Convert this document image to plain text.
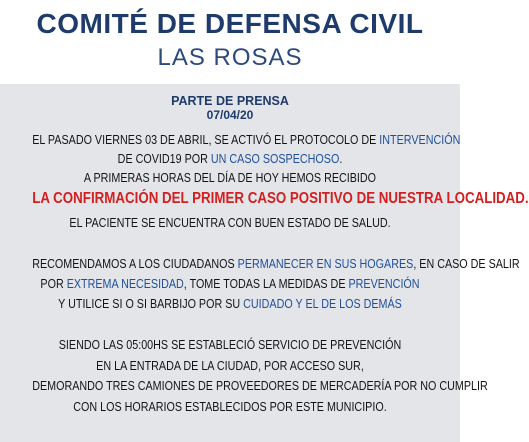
COMITÉ DE DEFENSA CIVIL
LAS ROSAS
PARTE DE PRENSA
07/04/20
EL PASADO VIERNES 03 DE ABRIL, SE ACTIVÓ EL PROTOCOLO DE INTERVENCIÓN
DE COVID19 POR UN CASO SOSPECHOSO.
A PRIMERAS HORAS DEL DÍA DE HOY HEMOS RECIBIDO
LA CONFIRMACIÓN DEL PRIMER CASO POSITIVO DE NUESTRA LOCALIDAD.
EL PACIENTE SE ENCUENTRA CON BUEN ESTADO DE SALUD.
RECOMENDAMOS A LOS CIUDADANOS PERMANECER EN SUS HOGARES, EN CASO DE SALIR
POR EXTREMA NECESIDAD, TOME TODAS LA MEDIDAS DE PREVENCIÓN
Y UTILICE SI O SI BARBIJO POR SU CUIDADO Y EL DE LOS DEMÁS
SIENDO LAS 05:00HS SE ESTABLECIÓ SERVICIO DE PREVENCIÓN
EN LA ENTRADA DE LA CIUDAD, POR ACCESO SUR,
DEMORANDO TRES CAMIONES DE PROVEEDORES DE MERCADERÍA POR NO CUMPLIR
CON LOS HORARIOS ESTABLECIDOS POR ESTE MUNICIPIO.
